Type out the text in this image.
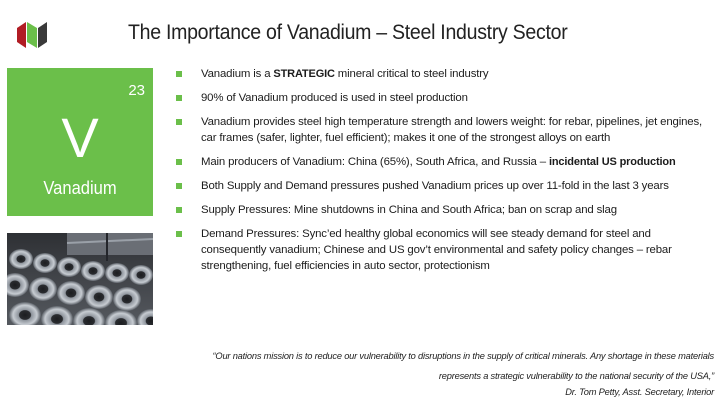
The Importance of Vanadium – Steel Industry Sector
23
V
Vanadium
Vanadium is a STRATEGIC mineral critical to steel industry
90% of Vanadium produced is used in steel production
Vanadium provides steel high temperature strength and lowers weight: for rebar, pipelines, jet engines, car frames (safer, lighter, fuel efficient); makes it one of the strongest alloys on earth
Main producers of Vanadium: China (65%), South Africa, and Russia – incidental US production
Both Supply and Demand pressures pushed Vanadium prices up over 11-fold in the last 3 years
Supply Pressures: Mine shutdowns in China and South Africa; ban on scrap and slag
Demand Pressures: Sync’ed healthy global economics will see steady demand for steel and consequently vanadium; Chinese and US gov’t environmental and safety policy changes – rebar strengthening, fuel efficiencies in auto sector, protectionism
“Our nations mission is to reduce our vulnerability to disruptions in the supply of critical minerals. Any shortage in these materials
represents a strategic vulnerability to the national security of the USA,”
Dr. Tom Petty, Asst. Secretary, Interior
